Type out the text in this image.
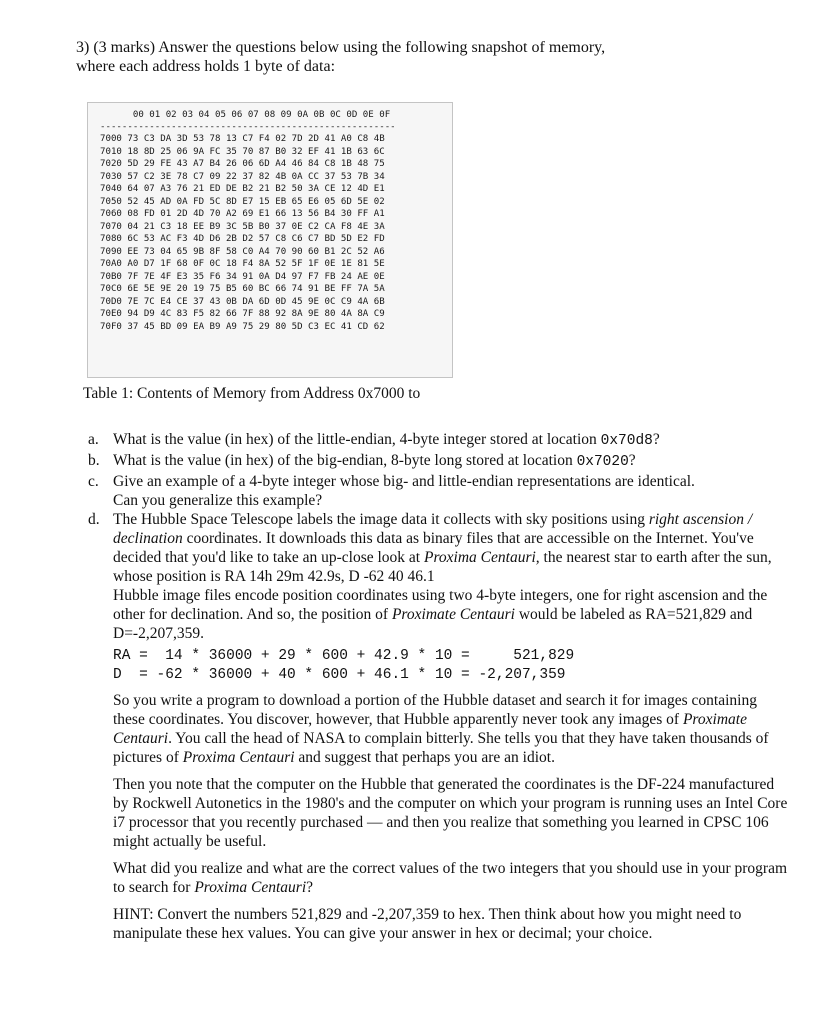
3) (3 marks) Answer the questions below using the following snapshot of memory,
where each address holds 1 byte of data:
00 01 02 03 04 05 06 07 08 09 0A 0B 0C 0D 0E 0F
------------------------------------------------------
7000 73 C3 DA 3D 53 78 13 C7 F4 02 7D 2D 41 A0 C8 4B
7010 18 8D 25 06 9A FC 35 70 87 B0 32 EF 41 1B 63 6C
7020 5D 29 FE 43 A7 B4 26 06 6D A4 46 84 C8 1B 48 75
7030 57 C2 3E 78 C7 09 22 37 82 4B 0A CC 37 53 7B 34
7040 64 07 A3 76 21 ED DE B2 21 B2 50 3A CE 12 4D E1
7050 52 45 AD 0A FD 5C 8D E7 15 EB 65 E6 05 6D 5E 02
7060 08 FD 01 2D 4D 70 A2 69 E1 66 13 56 B4 30 FF A1
7070 04 21 C3 18 EE B9 3C 5B B0 37 0E C2 CA F8 4E 3A
7080 6C 53 AC F3 4D D6 2B D2 57 C8 C6 C7 BD 5D E2 FD
7090 EE 73 04 65 9B 8F 58 C0 A4 70 90 60 B1 2C 52 A6
70A0 A0 D7 1F 68 0F 0C 18 F4 8A 52 5F 1F 0E 1E 81 5E
70B0 7F 7E 4F E3 35 F6 34 91 0A D4 97 F7 FB 24 AE 0E
70C0 6E 5E 9E 20 19 75 B5 60 BC 66 74 91 BE FF 7A 5A
70D0 7E 7C E4 CE 37 43 0B DA 6D 0D 45 9E 0C C9 4A 6B
70E0 94 D9 4C 83 F5 82 66 7F 88 92 8A 9E 80 4A 8A C9
70F0 37 45 BD 09 EA B9 A9 75 29 80 5D C3 EC 41 CD 62
Table 1: Contents of Memory from Address 0x7000 to
a. What is the value (in hex) of the little-endian, 4-byte integer stored at location 0x70d8?
b. What is the value (in hex) of the big-endian, 8-byte long stored at location 0x7020?
c. Give an example of a 4-byte integer whose big- and little-endian representations are identical.
Can you generalize this example?
d. The Hubble Space Telescope labels the image data it collects with sky positions using right ascension / declination coordinates. It downloads this data as binary files that are accessible on the Internet. You've decided that you'd like to take an up-close look at Proxima Centauri, the nearest star to earth after the sun, whose position is RA 14h 29m 42.9s, D -62 40 46.1
Hubble image files encode position coordinates using two 4-byte integers, one for right ascension and the other for declination. And so, the position of Proximate Centauri would be labeled as RA=521,829 and D=-2,207,359.
RA =  14 * 36000 + 29 * 600 + 42.9 * 10 =     521,829
D  = -62 * 36000 + 40 * 600 + 46.1 * 10 = -2,207,359
So you write a program to download a portion of the Hubble dataset and search it for images containing these coordinates. You discover, however, that Hubble apparently never took any images of Proximate Centauri. You call the head of NASA to complain bitterly. She tells you that they have taken thousands of pictures of Proxima Centauri and suggest that perhaps you are an idiot.
Then you note that the computer on the Hubble that generated the coordinates is the DF-224 manufactured by Rockwell Autonetics in the 1980's and the computer on which your program is running uses an Intel Core i7 processor that you recently purchased — and then you realize that something you learned in CPSC 106 might actually be useful.
What did you realize and what are the correct values of the two integers that you should use in your program to search for Proxima Centauri?
HINT: Convert the numbers 521,829 and -2,207,359 to hex. Then think about how you might need to manipulate these hex values. You can give your answer in hex or decimal; your choice.
